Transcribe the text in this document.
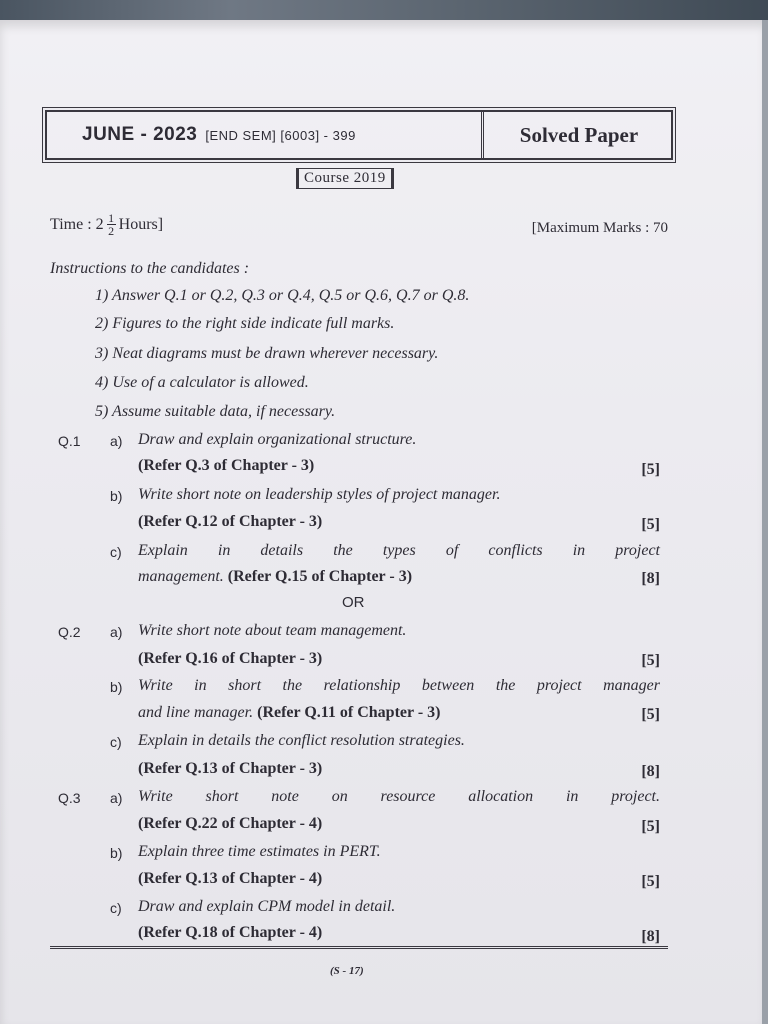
JUNE - 2023 [END SEM] [6003] - 399	Solved Paper
Course 2019
Time : $2 \frac{1}{2}$ Hours]	[Maximum Marks : 70
Instructions to the candidates :
1) Answer Q.1 or Q.2, Q.3 or Q.4, Q.5 or Q.6, Q.7 or Q.8.
2) Figures to the right side indicate full marks.
3) Neat diagrams must be drawn wherever necessary.
4) Use of a calculator is allowed.
5) Assume suitable data, if necessary.
Q.1 a) Draw and explain organizational structure.
(Refer Q.3 of Chapter - 3)	[5]
b) Write short note on leadership styles of project manager.
(Refer Q.12 of Chapter - 3)	[5]
c) Explain in details the types of conflicts in project
management. (Refer Q.15 of Chapter - 3)	[8]
OR
Q.2 a) Write short note about team management.
(Refer Q.16 of Chapter - 3)	[5]
b) Write in short the relationship between the project manager
and line manager. (Refer Q.11 of Chapter - 3)	[5]
c) Explain in details the conflict resolution strategies.
(Refer Q.13 of Chapter - 3)	[8]
Q.3 a) Write short note on resource allocation in project.
(Refer Q.22 of Chapter - 4)	[5]
b) Explain three time estimates in PERT.
(Refer Q.13 of Chapter - 4)	[5]
c) Draw and explain CPM model in detail.
(Refer Q.18 of Chapter - 4)	[8]
(S - 17)
